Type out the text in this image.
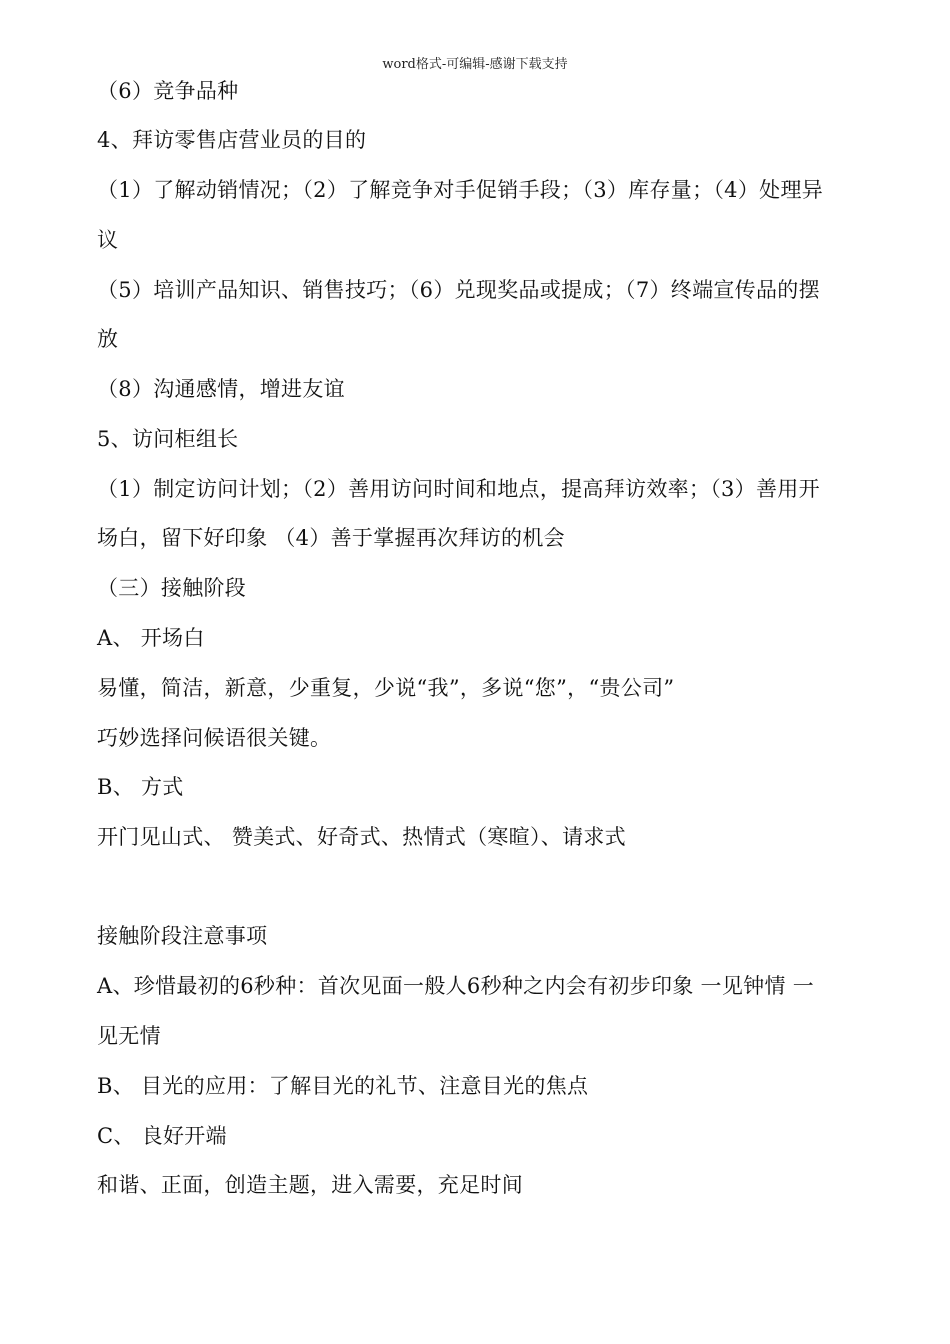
word格式-可编辑-感谢下载支持
（6）竞争品种
4、拜访零售店营业员的目的
（1）了解动销情况；（2）了解竞争对手促销手段；（3）库存量；（4）处理异
议
（5）培训产品知识、销售技巧；（6）兑现奖品或提成；（7）终端宣传品的摆
放
（8）沟通感情，增进友谊
5、访问柜组长
（1）制定访问计划；（2）善用访问时间和地点，提高拜访效率；（3）善用开
场白，留下好印象 （4）善于掌握再次拜访的机会
（三）接触阶段
A、 开场白
易懂，简洁，新意，少重复，少说“我”，多说“您”，“贵公司”
巧妙选择问候语很关键。
B、 方式
开门见山式、 赞美式、好奇式、热情式（寒暄）、请求式
接触阶段注意事项
A、珍惜最初的6秒种：首次见面一般人6秒种之内会有初步印象 一见钟情 一
见无情
B、 目光的应用：了解目光的礼节、注意目光的焦点
C、 良好开端
和谐、正面，创造主题，进入需要，充足时间
